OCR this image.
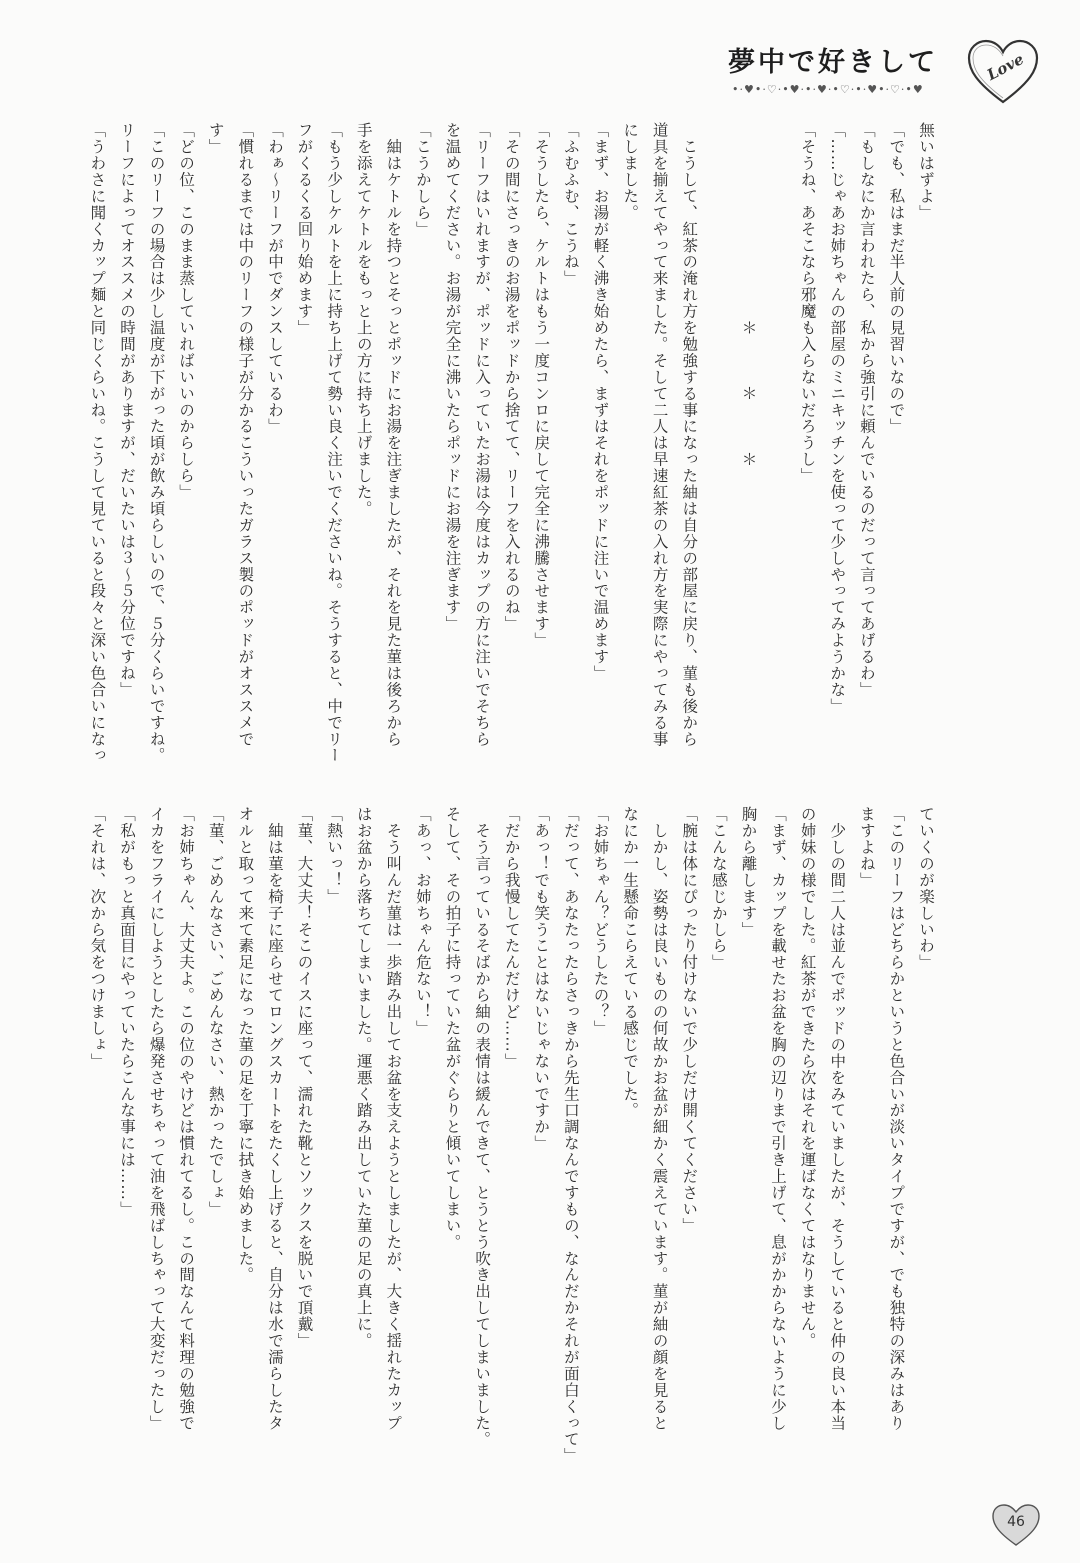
夢中で好きして
•·♥•·♡·•♥·•·♥·•♡·•·♥•·♡·•♥
Love
無いはずよ」
「でも、私はまだ半人前の見習いなので」
「もしなにか言われたら、私から強引に頼んでいるのだって言ってあげるわ」
「……じゃあお姉ちゃんの部屋のミニキッチンを使って少しやってみようかな」
「そうね、あそこなら邪魔も入らないだろうし」

　　　　　　　　　　　　＊　　　＊　　　＊

　こうして、紅茶の淹れ方を勉強する事になった紬は自分の部屋に戻り、菫も後から
道具を揃えてやって来ました。そして二人は早速紅茶の入れ方を実際にやってみる事
にしました。
「まず、お湯が軽く沸き始めたら、まずはそれをポッドに注いで温めます」
「ふむふむ、こうね」
「そうしたら、ケルトはもう一度コンロに戻して完全に沸騰させます」
「その間にさっきのお湯をポッドから捨てて、リーフを入れるのね」
「リーフはいれますが、ポッドに入っていたお湯は今度はカップの方に注いでそちら
を温めてください。お湯が完全に沸いたらポッドにお湯を注ぎます」
「こうかしら」
　紬はケトルを持つとそっとポッドにお湯を注ぎましたが、それを見た菫は後ろから
手を添えてケトルをもっと上の方に持ち上げました。
「もう少しケルトを上に持ち上げて勢い良く注いでくださいね。そうすると、中でリー
フがくるくる回り始めます」
「わぁ～リーフが中でダンスしているわ」
「慣れるまでは中のリーフの様子が分かるこういったガラス製のポッドがオススメで
す」
「どの位、このまま蒸していればいいのからしら」
「このリーフの場合は少し温度が下がった頃が飲み頃らしいので、５分くらいですね。
リーフによってオススメの時間がありますが、だいたいは３～５分位ですね」
「うわさに聞くカップ麺と同じくらいね。こうして見ていると段々と深い色合いになっ
ていくのが楽しいわ」
「このリーフはどちらかというと色合いが淡いタイプですが、でも独特の深みはあり
ますよね」
　少しの間二人は並んでポッドの中をみていましたが、そうしていると仲の良い本当
の姉妹の様でした。紅茶ができたら次はそれを運ばなくてはなりません。
「まず、カップを載せたお盆を胸の辺りまで引き上げて、息がかからないように少し
胸から離します」
「こんな感じかしら」
「腕は体にぴったり付けないで少しだけ開くてください」
　しかし、姿勢は良いものの何故かお盆が細かく震えています。菫が紬の顔を見ると
なにか一生懸命こらえている感じでした。
「お姉ちゃん？どうしたの？」
「だって、あなたったらさっきから先生口調なんですもの、なんだかそれが面白くって」
「あっ！でも笑うことはないじゃないですか」
「だから我慢してたんだけど……」
　そう言っているそばから紬の表情は緩んできて、とうとう吹き出してしまいました。
そして、その拍子に持っていた盆がぐらりと傾いてしまい。
「あっ、お姉ちゃん危ない！」
　そう叫んだ菫は一歩踏み出してお盆を支えようとしましたが、大きく揺れたカップ
はお盆から落ちてしまいました。運悪く踏み出していた菫の足の真上に。
「熱いっ！」
「菫、大丈夫！そこのイスに座って、濡れた靴とソックスを脱いで頂戴」
　紬は菫を椅子に座らせてロングスカートをたくし上げると、自分は水で濡らしたタ
オルと取って来て素足になった菫の足を丁寧に拭き始めました。
「菫、ごめんなさい、ごめんなさい、熱かったでしょ」
「お姉ちゃん、大丈夫よ。この位のやけどは慣れてるし。この間なんて料理の勉強で
イカをフライにしようとしたら爆発させちゃって油を飛ばしちゃって大変だったし」
「私がもっと真面目にやっていたらこんな事には……」
「それは、次から気をつけましょ」
46
